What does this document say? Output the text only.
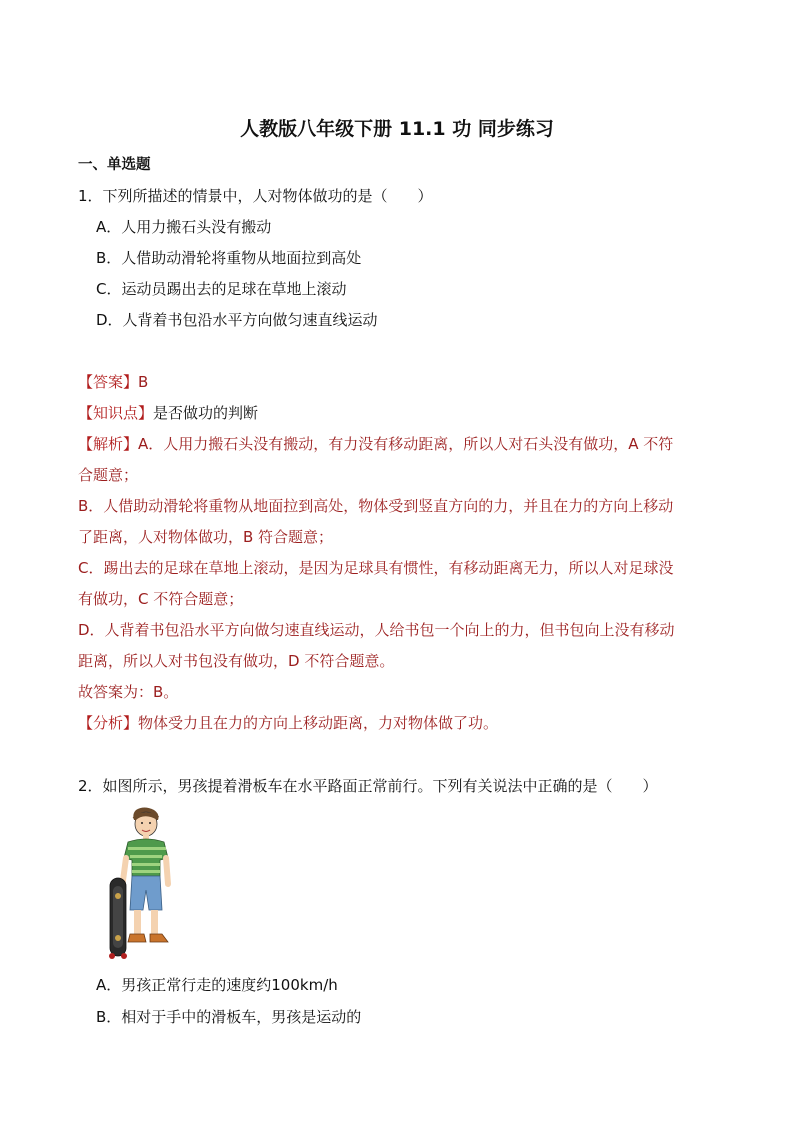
人教版八年级下册 11.1 功 同步练习
一、单选题
1．下列所描述的情景中，人对物体做功的是（　　）
A．人用力搬石头没有搬动
B．人借助动滑轮将重物从地面拉到高处
C．运动员踢出去的足球在草地上滚动
D．人背着书包沿水平方向做匀速直线运动
【答案】B
【知识点】是否做功的判断
【解析】A．人用力搬石头没有搬动，有力没有移动距离，所以人对石头没有做功，A 不符
合题意；
B．人借助动滑轮将重物从地面拉到高处，物体受到竖直方向的力，并且在力的方向上移动
了距离，人对物体做功，B 符合题意；
C．踢出去的足球在草地上滚动，是因为足球具有惯性，有移动距离无力，所以人对足球没
有做功，C 不符合题意；
D．人背着书包沿水平方向做匀速直线运动，人给书包一个向上的力，但书包向上没有移动
距离，所以人对书包没有做功，D 不符合题意。
故答案为：B。
【分析】物体受力且在力的方向上移动距离，力对物体做了功。
2．如图所示，男孩提着滑板车在水平路面正常前行。下列有关说法中正确的是（　　）
A．男孩正常行走的速度约100km/h
B．相对于手中的滑板车，男孩是运动的
